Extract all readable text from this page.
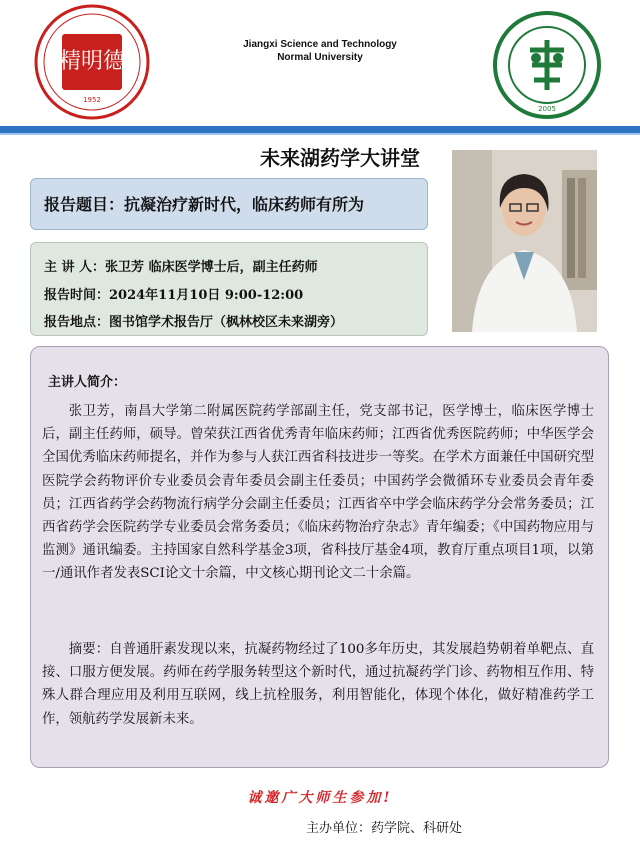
精明德
1952
Jiangxi Science and Technology
Normal University
2005
未来湖药学大讲堂
报告题目：抗凝治疗新时代，临床药师有所为
主 讲 人：张卫芳 临床医学博士后，副主任药师
报告时间：2024年11月10日 9:00-12:00
报告地点：图书馆学术报告厅（枫林校区未来湖旁）
主讲人简介：
张卫芳，南昌大学第二附属医院药学部副主任，党支部书记，医学博士，临床医学博士后，副主任药师，硕导。曾荣获江西省优秀青年临床药师；江西省优秀医院药师；中华医学会全国优秀临床药师提名，并作为参与人获江西省科技进步一等奖。在学术方面兼任中国研究型医院学会药物评价专业委员会青年委员会副主任委员；中国药学会微循环专业委员会青年委员；江西省药学会药物流行病学分会副主任委员；江西省卒中学会临床药学分会常务委员；江西省药学会医院药学专业委员会常务委员；《临床药物治疗杂志》青年编委；《中国药物应用与监测》通讯编委。主持国家自然科学基金3项，省科技厅基金4项，教育厅重点项目1项，以第一/通讯作者发表SCI论文十余篇，中文核心期刊论文二十余篇。
摘要：自普通肝素发现以来，抗凝药物经过了100多年历史，其发展趋势朝着单靶点、直接、口服方便发展。药师在药学服务转型这个新时代，通过抗凝药学门诊、药物相互作用、特殊人群合理应用及利用互联网，线上抗栓服务，利用智能化，体现个体化，做好精准药学工作，领航药学发展新未来。
诚邀广大师生参加!
主办单位：药学院、科研处
